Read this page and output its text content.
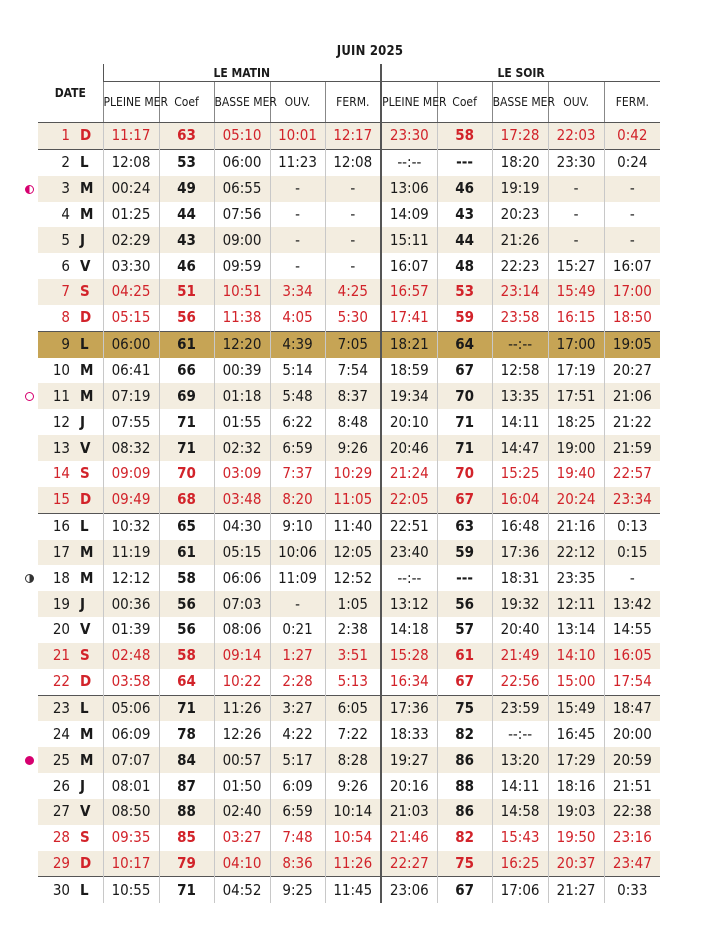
JUIN 2025
DATE		LE MATIN					LE SOIR				
		PLEINE MER	Coef	BASSE MER	OUV.	FERM.	PLEINE MER	Coef	BASSE MER	OUV.	FERM.
1	D	11:17	63	05:10	10:01	12:17	23:30	58	17:28	22:03	0:42
2	L	12:08	53	06:00	11:23	12:08	--:--	---	18:20	23:30	0:24
3	M	00:24	49	06:55	-	-	13:06	46	19:19	-	-
4	M	01:25	44	07:56	-	-	14:09	43	20:23	-	-
5	J	02:29	43	09:00	-	-	15:11	44	21:26	-	-
6	V	03:30	46	09:59	-	-	16:07	48	22:23	15:27	16:07
7	S	04:25	51	10:51	3:34	4:25	16:57	53	23:14	15:49	17:00
8	D	05:15	56	11:38	4:05	5:30	17:41	59	23:58	16:15	18:50
9	L	06:00	61	12:20	4:39	7:05	18:21	64	--:--	17:00	19:05
10	M	06:41	66	00:39	5:14	7:54	18:59	67	12:58	17:19	20:27
11	M	07:19	69	01:18	5:48	8:37	19:34	70	13:35	17:51	21:06
12	J	07:55	71	01:55	6:22	8:48	20:10	71	14:11	18:25	21:22
13	V	08:32	71	02:32	6:59	9:26	20:46	71	14:47	19:00	21:59
14	S	09:09	70	03:09	7:37	10:29	21:24	70	15:25	19:40	22:57
15	D	09:49	68	03:48	8:20	11:05	22:05	67	16:04	20:24	23:34
16	L	10:32	65	04:30	9:10	11:40	22:51	63	16:48	21:16	0:13
17	M	11:19	61	05:15	10:06	12:05	23:40	59	17:36	22:12	0:15
18	M	12:12	58	06:06	11:09	12:52	--:--	---	18:31	23:35	-
19	J	00:36	56	07:03	-	1:05	13:12	56	19:32	12:11	13:42
20	V	01:39	56	08:06	0:21	2:38	14:18	57	20:40	13:14	14:55
21	S	02:48	58	09:14	1:27	3:51	15:28	61	21:49	14:10	16:05
22	D	03:58	64	10:22	2:28	5:13	16:34	67	22:56	15:00	17:54
23	L	05:06	71	11:26	3:27	6:05	17:36	75	23:59	15:49	18:47
24	M	06:09	78	12:26	4:22	7:22	18:33	82	--:--	16:45	20:00
25	M	07:07	84	00:57	5:17	8:28	19:27	86	13:20	17:29	20:59
26	J	08:01	87	01:50	6:09	9:26	20:16	88	14:11	18:16	21:51
27	V	08:50	88	02:40	6:59	10:14	21:03	86	14:58	19:03	22:38
28	S	09:35	85	03:27	7:48	10:54	21:46	82	15:43	19:50	23:16
29	D	10:17	79	04:10	8:36	11:26	22:27	75	16:25	20:37	23:47
30	L	10:55	71	04:52	9:25	11:45	23:06	67	17:06	21:27	0:33
